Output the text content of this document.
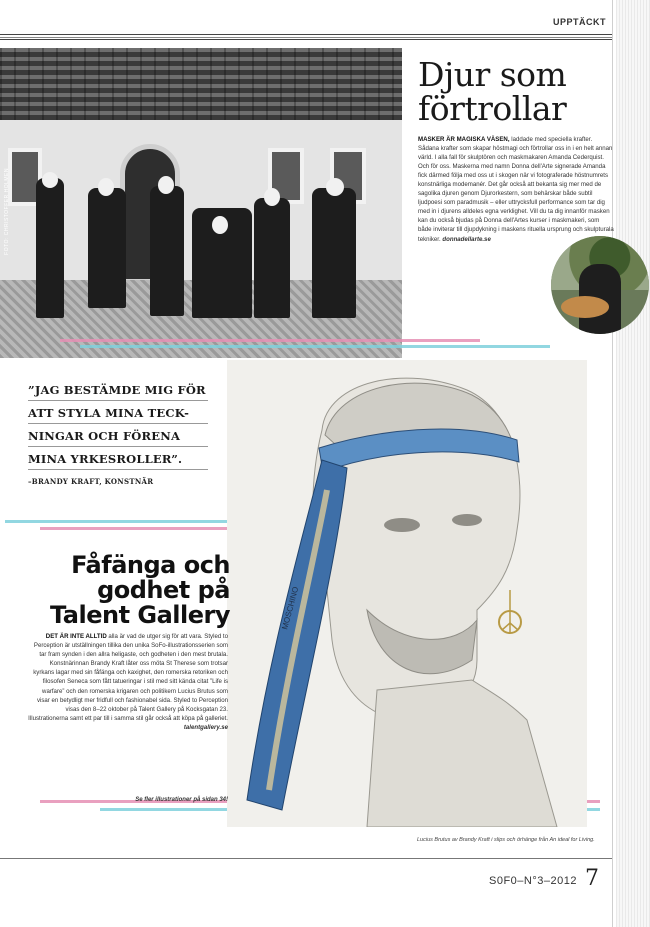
UPPTÄCKT
FOTO: CHRISTOFFER HOLMEN
Djur som förtrollar
MASKER ÄR MAGISKA VÄSEN, laddade med speciella krafter. Sådana krafter som skapar höstmagi och förtrollar oss in i en helt annan värld. I alla fall för skulptören och maskmakaren Amanda Cederquist. Och för oss. Maskerna med namn Donna dell'Arte signerade Amanda fick därmed följa med oss ut i skogen när vi fotograferade höstnumrets konstnärliga modemanér. Det går också att bekanta sig mer med de sagolika djuren genom Djurorkestern, som behärskar både subtil ljudpoesi som paradmusik – eller uttrycksfull performance som tar dig med in i djurens alldeles egna verklighet. Vill du ta dig innanför masken kan du också bjudas på Donna dell'Artes kurser i maskmakeri, som både inviterar till djupdykning i maskens rituella ursprung och skulpturala tekniker. donnadellarte.se
”JAG BESTÄMDE MIG FÖR
ATT STYLA MINA TECK-
NINGAR OCH FÖRENA
MINA YRKESROLLER”.
–BRANDY KRAFT, KONSTNÄR
MOSCHINO
Lucius Brutus av Brandy Kraft i slips och örhänge från An ideal for Living.
Fåfänga och godhet på Talent Gallery
DET ÄR INTE ALLTID alla är vad de utger sig för att vara. Styled to Perception är utställningen tillika den unika SoFo-illustrationsserien som tar fram synden i den allra heligaste, och godheten i den mest brutala. Konstnärinnan Brandy Kraft låter oss möta St Therese som trotsar kyrkans lagar med sin fåfänga och kaxighet, den romerska retoriken och filosofen Seneca som fått tatueringar i stil med sitt kända citat ”Life is warfare” och den romerska krigaren och politikern Lucius Brutus som visar en betydligt mer fridfull och fashionabel sida. Styled to Perception visas den 8–22 oktober på Talent Gallery på Kocksgatan 23. Illustrationerna samt ett par till i samma stil går också att köpa på galleriet. talentgallery.se
Se fler illustrationer på sidan 34!
S0F0–N°3–2012 7
